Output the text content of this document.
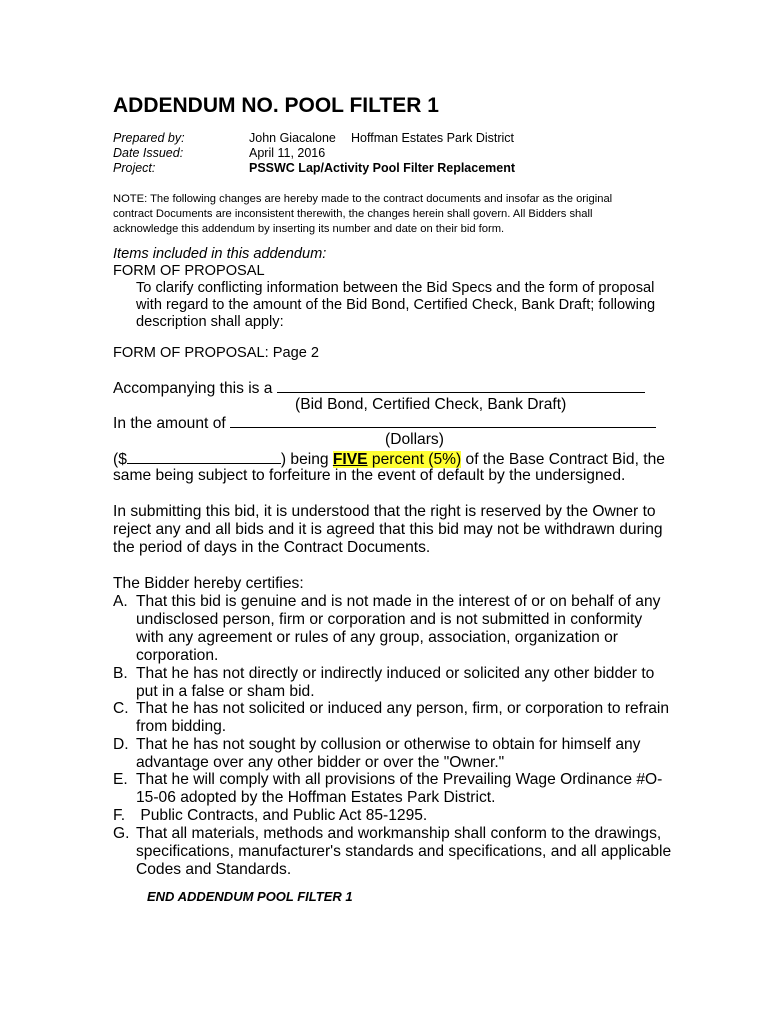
ADDENDUM NO. POOL FILTER 1
Prepared by:	John Giacalone Hoffman Estates Park District
Date Issued:	April 11, 2016
Project:	PSSWC Lap/Activity Pool Filter Replacement
NOTE: The following changes are hereby made to the contract documents and insofar as the original contract Documents are inconsistent therewith, the changes herein shall govern. All Bidders shall acknowledge this addendum by inserting its number and date on their bid form.
Items included in this addendum:
FORM OF PROPOSAL
To clarify conflicting information between the Bid Specs and the form of proposal
with regard to the amount of the Bid Bond, Certified Check, Bank Draft; following
description shall apply:
FORM OF PROPOSAL: Page 2
Accompanying this is a
(Bid Bond, Certified Check, Bank Draft)
In the amount of
(Dollars)
($	) being FIVE percent (5%) of the Base Contract Bid, the
same being subject to forfeiture in the event of default by the undersigned.
In submitting this bid, it is understood that the right is reserved by the Owner to
reject any and all bids and it is agreed that this bid may not be withdrawn during
the period of days in the Contract Documents.
The Bidder hereby certifies:
A. That this bid is genuine and is not made in the interest of or on behalf of any
undisclosed person, firm or corporation and is not submitted in conformity
with any agreement or rules of any group, association, organization or
corporation.
B. That he has not directly or indirectly induced or solicited any other bidder to
put in a false or sham bid.
C. That he has not solicited or induced any person, firm, or corporation to refrain
from bidding.
D. That he has not sought by collusion or otherwise to obtain for himself any
advantage over any other bidder or over the "Owner."
E. That he will comply with all provisions of the Prevailing Wage Ordinance #O-
15-06 adopted by the Hoffman Estates Park District.
F. Public Contracts, and Public Act 85-1295.
G. That all materials, methods and workmanship shall conform to the drawings,
specifications, manufacturer's standards and specifications, and all applicable
Codes and Standards.
END ADDENDUM POOL FILTER 1
